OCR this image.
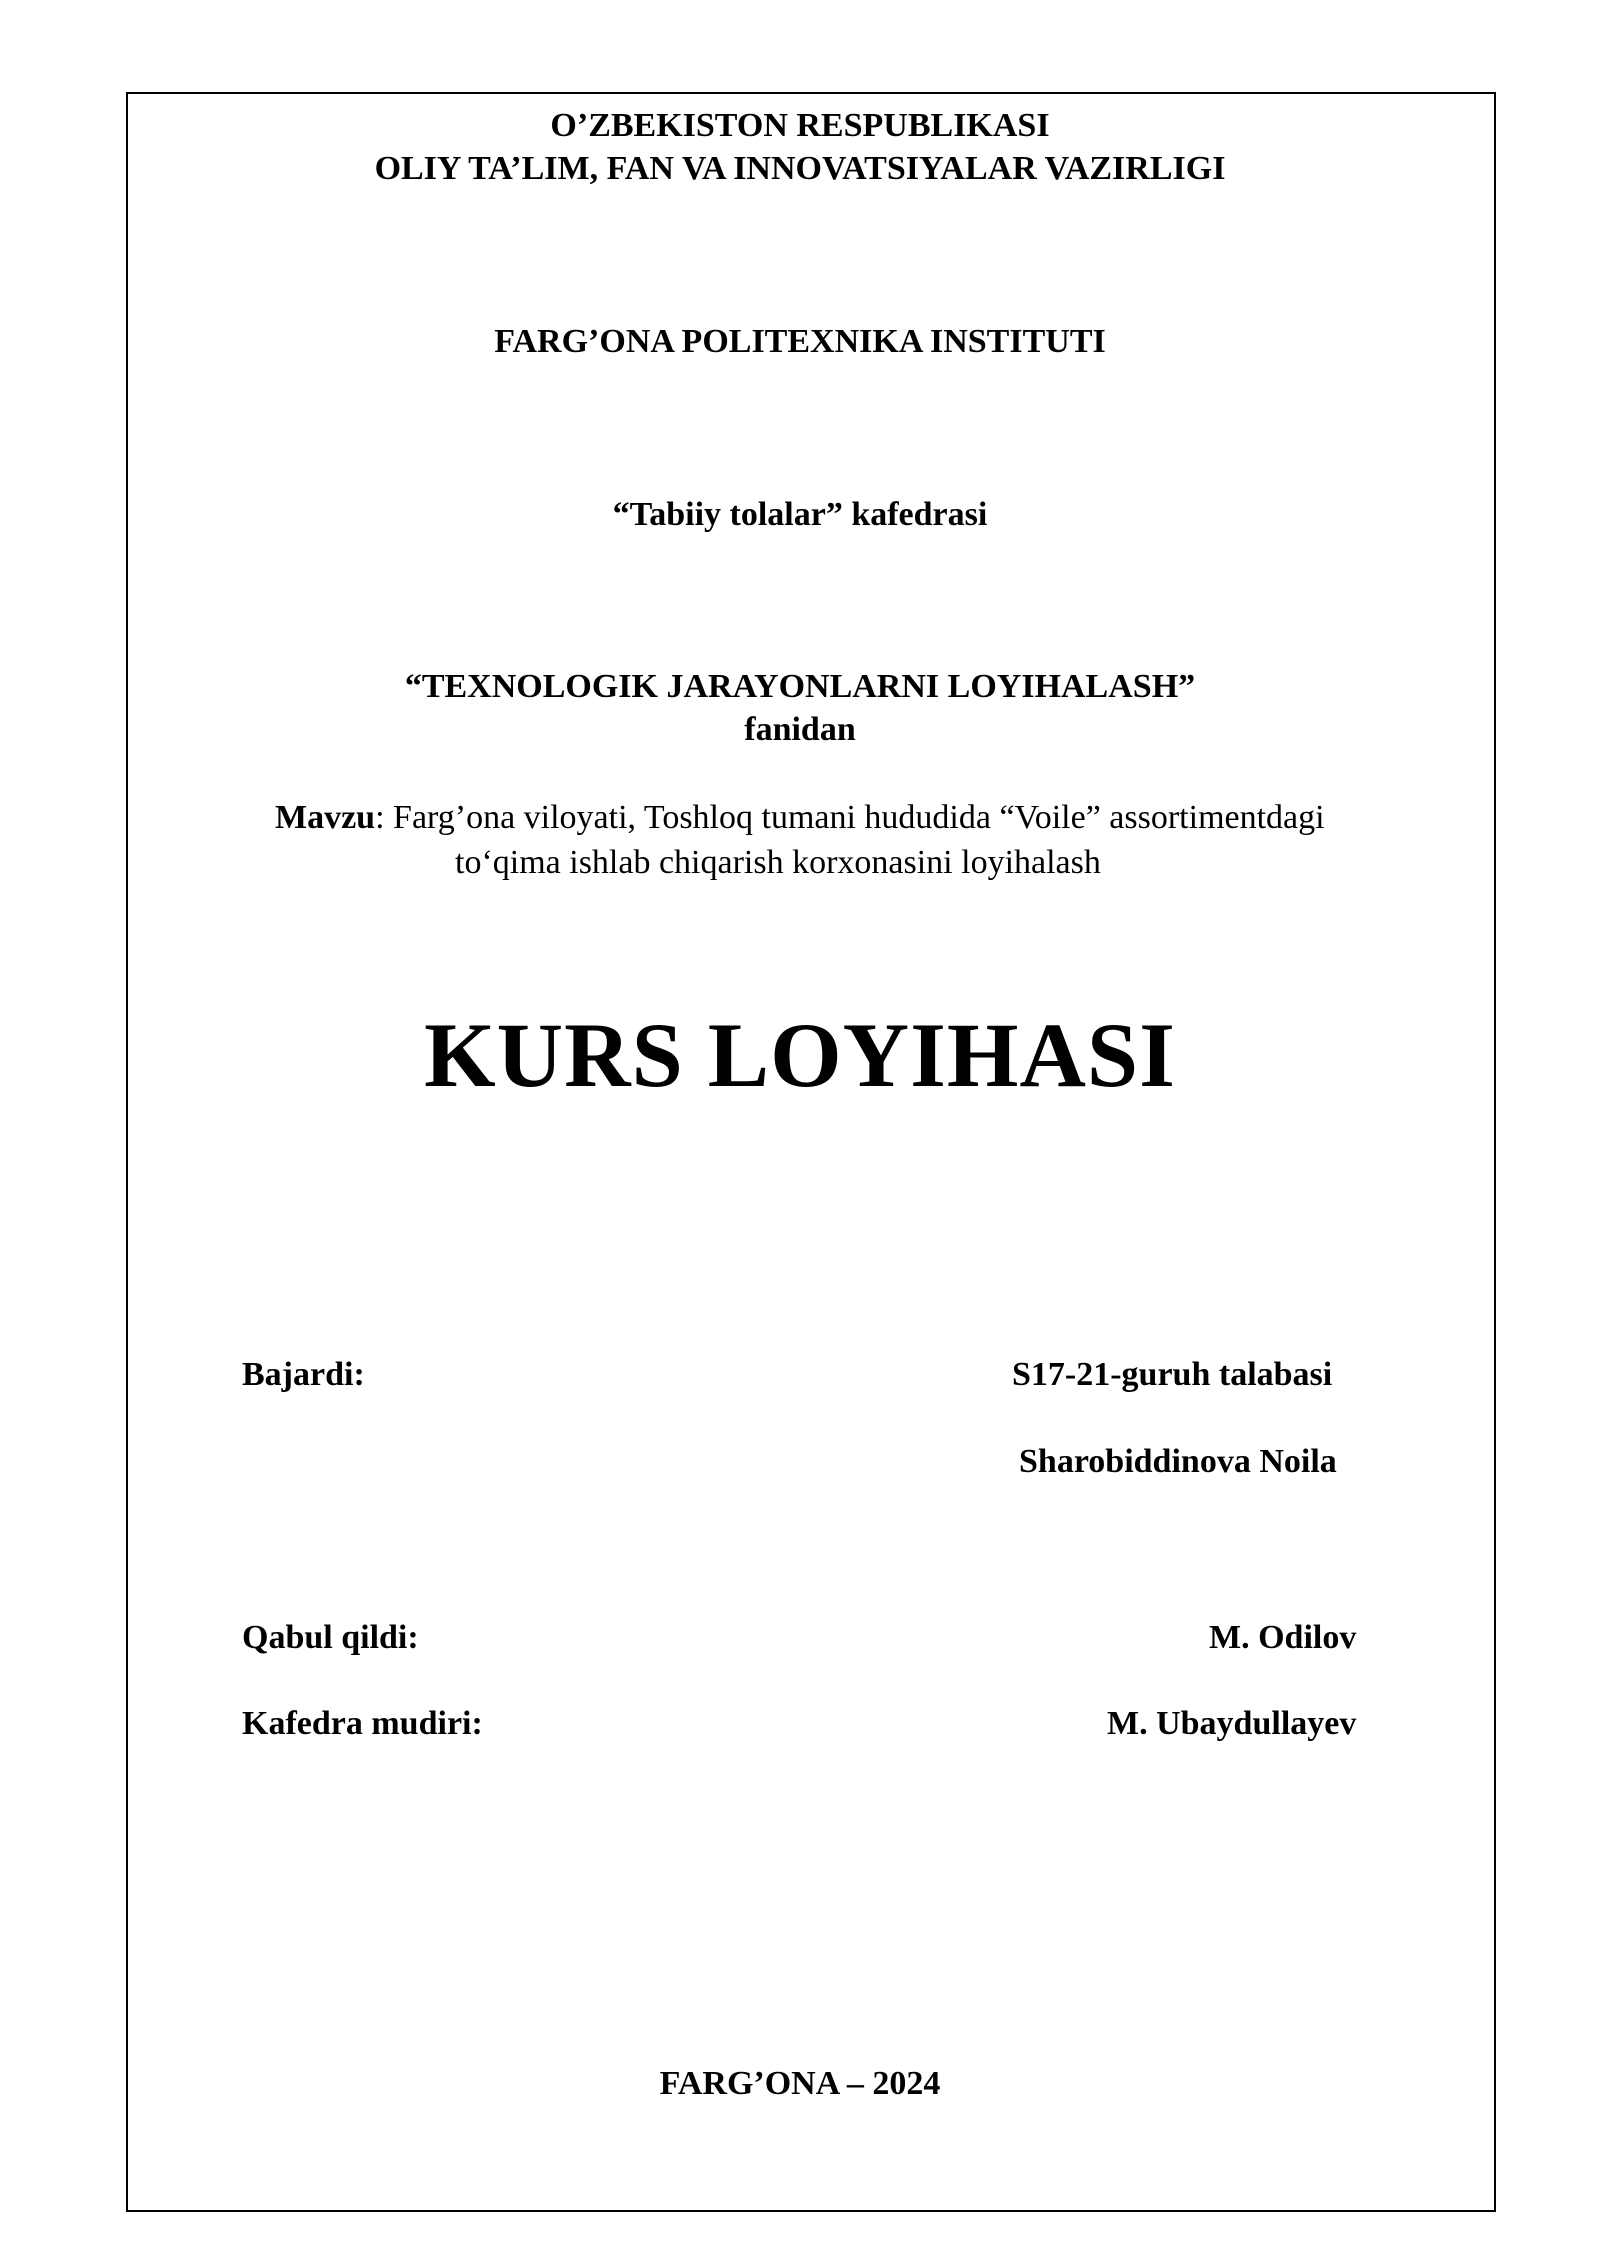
O’ZBEKISTON RESPUBLIKASI
OLIY TA’LIM, FAN VA INNOVATSIYALAR VAZIRLIGI
FARG’ONA POLITEXNIKA INSTITUTI
“Tabiiy tolalar” kafedrasi
“TEXNOLOGIK JARAYONLARNI LOYIHALASH”
fanidan
Mavzu: Farg’ona viloyati, Toshloq tumani hududida “Voile” assortimentdagi
to‘qima ishlab chiqarish korxonasini loyihalash
KURS LOYIHASI
Bajardi:	S17-21-guruh talabasi
Sharobiddinova Noila
Qabul qildi:	M. Odilov
Kafedra mudiri:	M. Ubaydullayev
FARG’ONA – 2024
